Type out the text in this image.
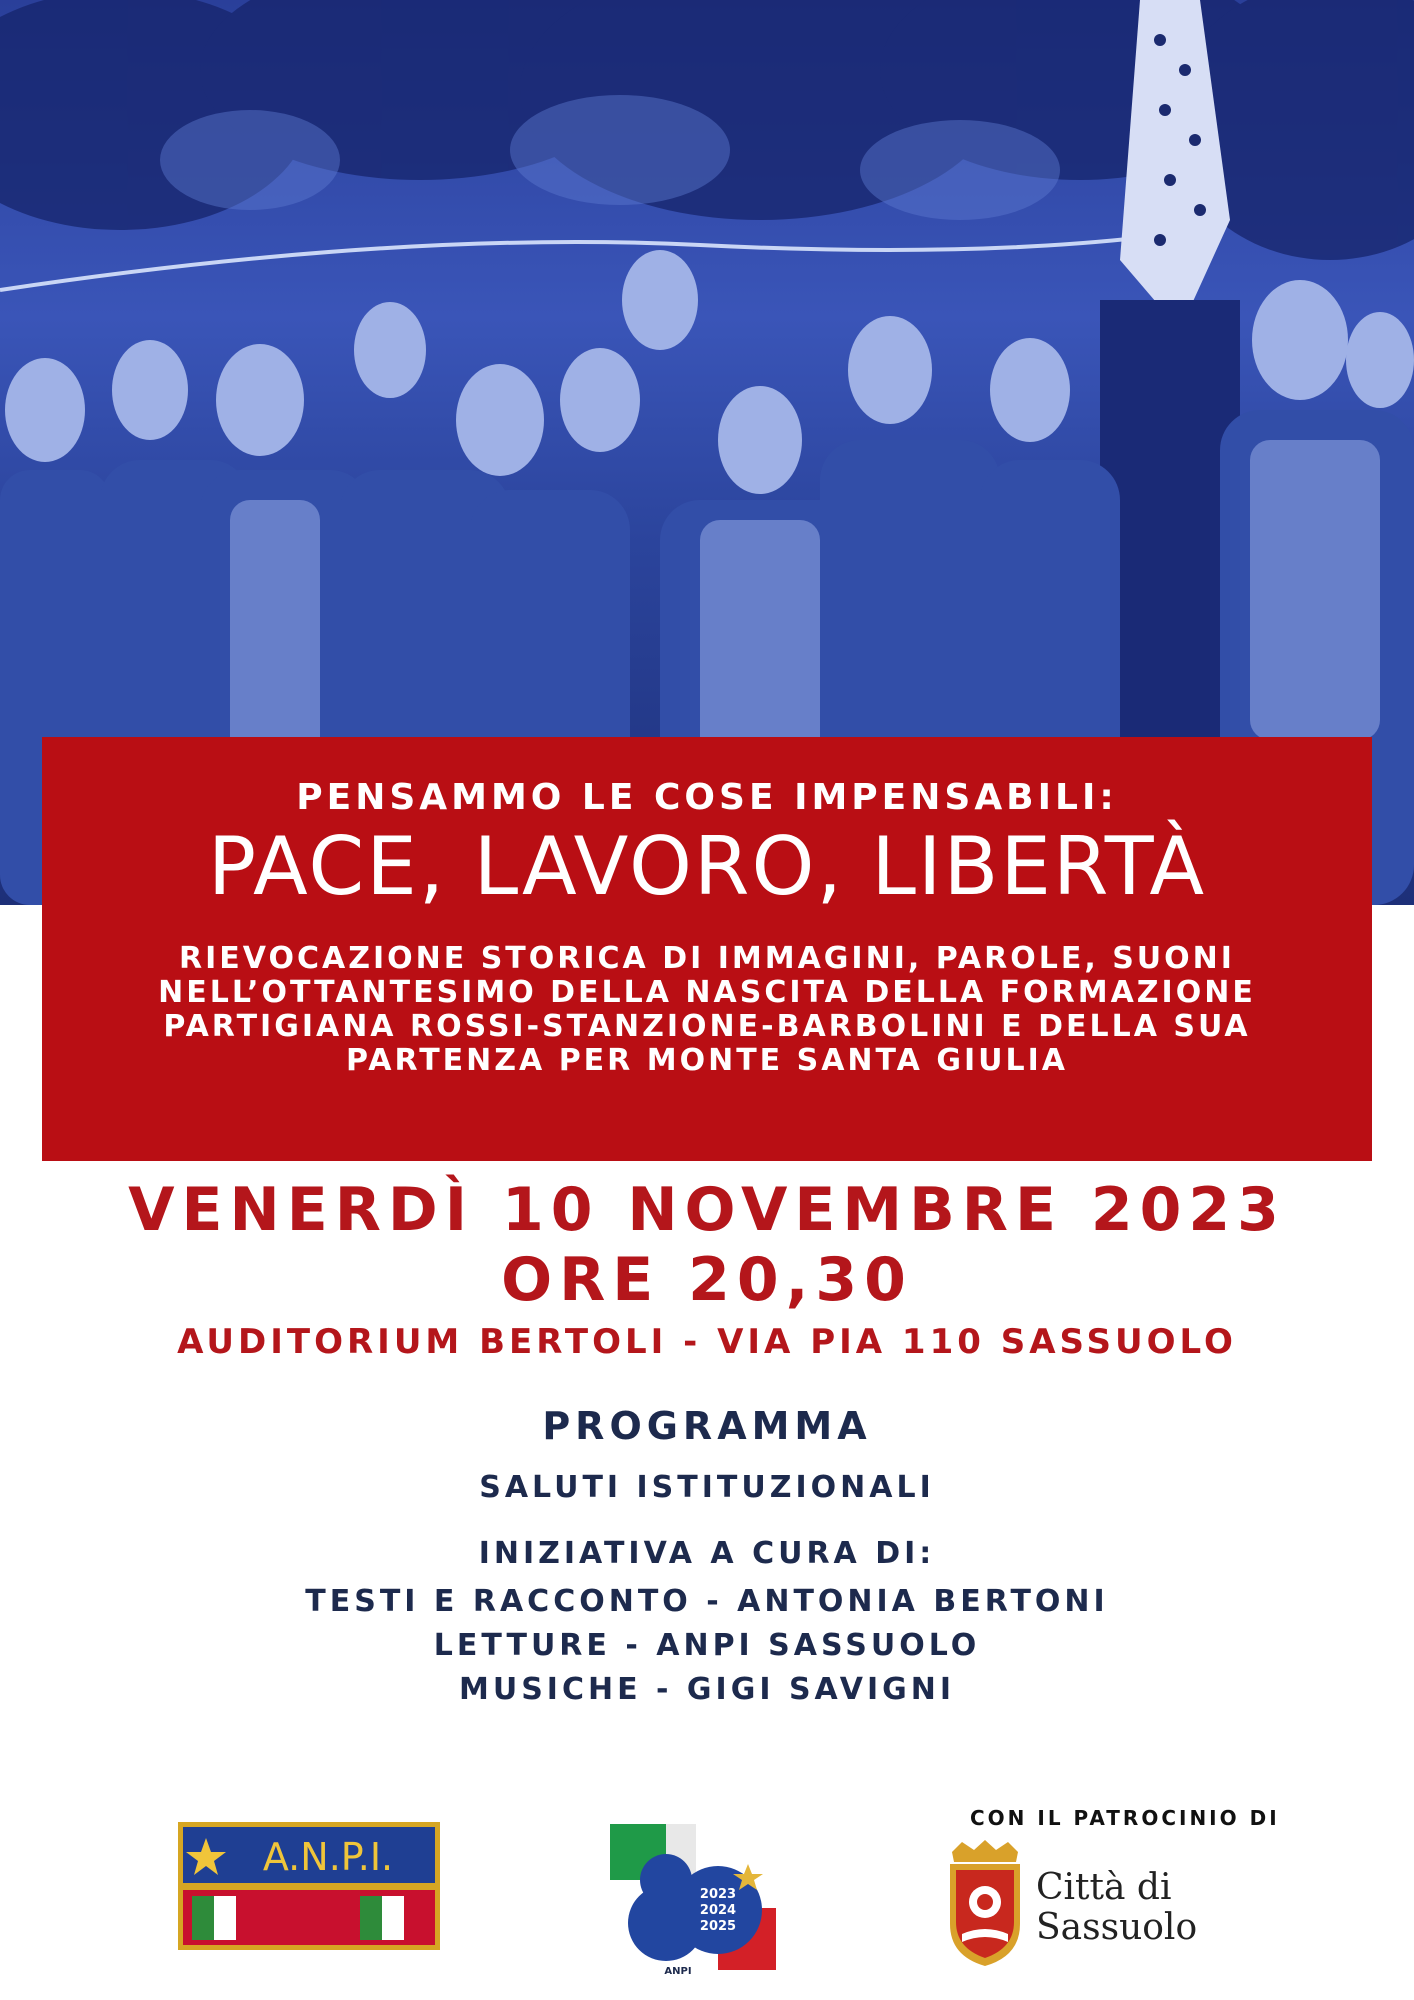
PENSAMMO LE COSE IMPENSABILI:
PACE, LAVORO, LIBERTÀ
RIEVOCAZIONE STORICA DI IMMAGINI, PAROLE, SUONI
NELL’OTTANTESIMO DELLA NASCITA DELLA FORMAZIONE
PARTIGIANA ROSSI-STANZIONE-BARBOLINI E DELLA SUA
PARTENZA PER MONTE SANTA GIULIA
VENERDÌ 10 NOVEMBRE 2023
ORE 20,30
AUDITORIUM BERTOLI - VIA PIA 110 SASSUOLO
PROGRAMMA
SALUTI ISTITUZIONALI
INIZIATIVA A CURA DI:
TESTI E RACCONTO - ANTONIA BERTONI
LETTURE - ANPI SASSUOLO
MUSICHE - GIGI SAVIGNI
A.N.P.I.
2023
2024
2025
ANPI
CON IL PATROCINIO DI
Città di
Sassuolo
